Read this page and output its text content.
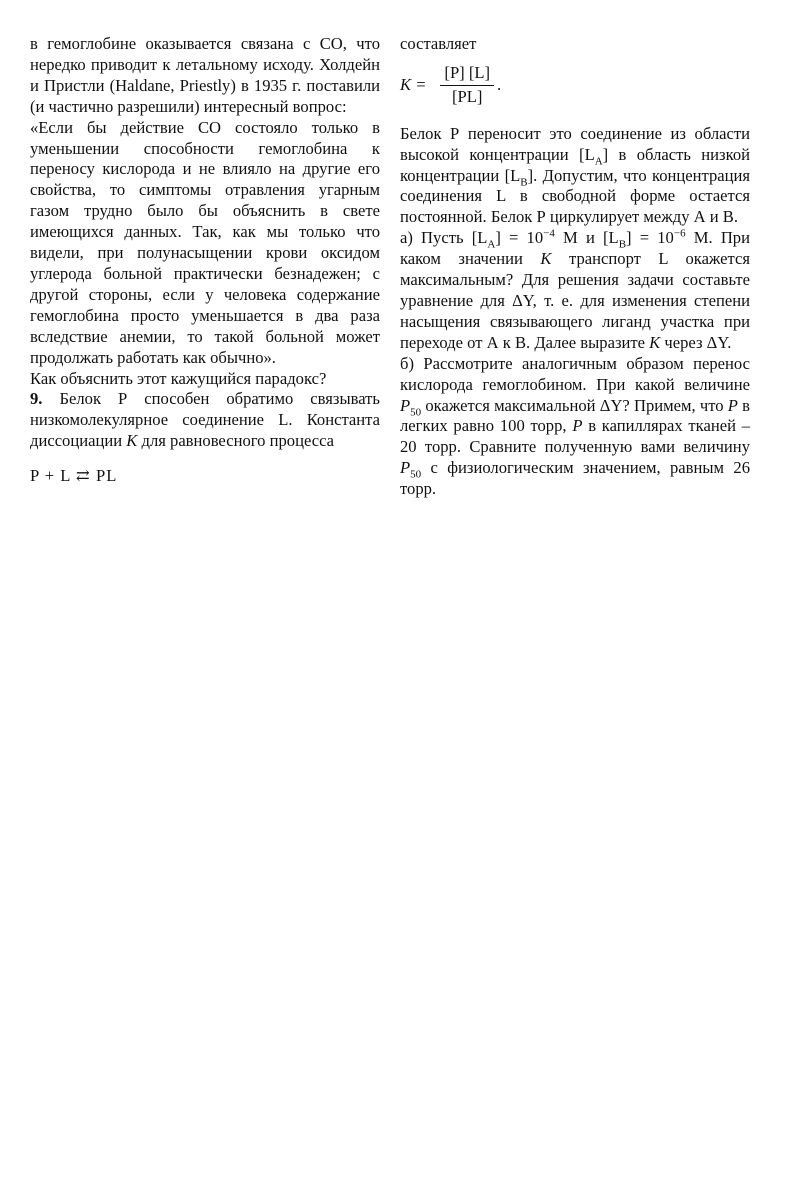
в гемоглобине оказывается связана с СО, что нередко приводит к летальному исходу. Холдейн и Пристли (Haldane, Priestly) в 1935 г. поставили (и частично разрешили) интересный вопрос:

«Если бы действие СО состояло только в уменьшении способности гемоглобина к переносу кислорода и не влияло на другие его свойства, то симптомы отравления угарным газом трудно было бы объяснить в свете имеющихся данных. Так, как мы только что видели, при полунасыщении крови оксидом углерода больной практически безнадежен; с другой стороны, если у человека содержание гемоглобина просто уменьшается в два раза вследствие анемии, то такой больной может продолжать работать как обычно».

Как объяснить этот кажущийся парадокс?

9. Белок Р способен обратимо связывать низкомолекулярное соединение L. Константа диссоциации K для равновесного процесса

P + L ⇄ PL

составляет

$K = \frac{[P] [L]}{[PL]}$ .

Белок Р переносит это соединение из области высокой концентрации $[L_A]$ в область низкой концентрации $[L_B]$. Допустим, что концентрация соединения L в свободной форме остается постоянной. Белок Р циркулирует между А и В.

а) Пусть $[L_A] = 10^{-4}$ М и $[L_B] = 10^{-6}$ М. При каком значении K транспорт L окажется максимальным? Для решения задачи составьте уравнение для ΔY, т. е. для изменения степени насыщения связывающего лиганд участка при переходе от А к В. Далее выразите K через ΔY.

б) Рассмотрите аналогичным образом перенос кислорода гемоглобином. При какой величине $P_{50}$ окажется максимальной ΔY? Примем, что P в легких равно 100 торр, P в капиллярах тканей – 20 торр. Сравните полученную вами величину $P_{50}$ с физиологическим значением, равным 26 торр.
